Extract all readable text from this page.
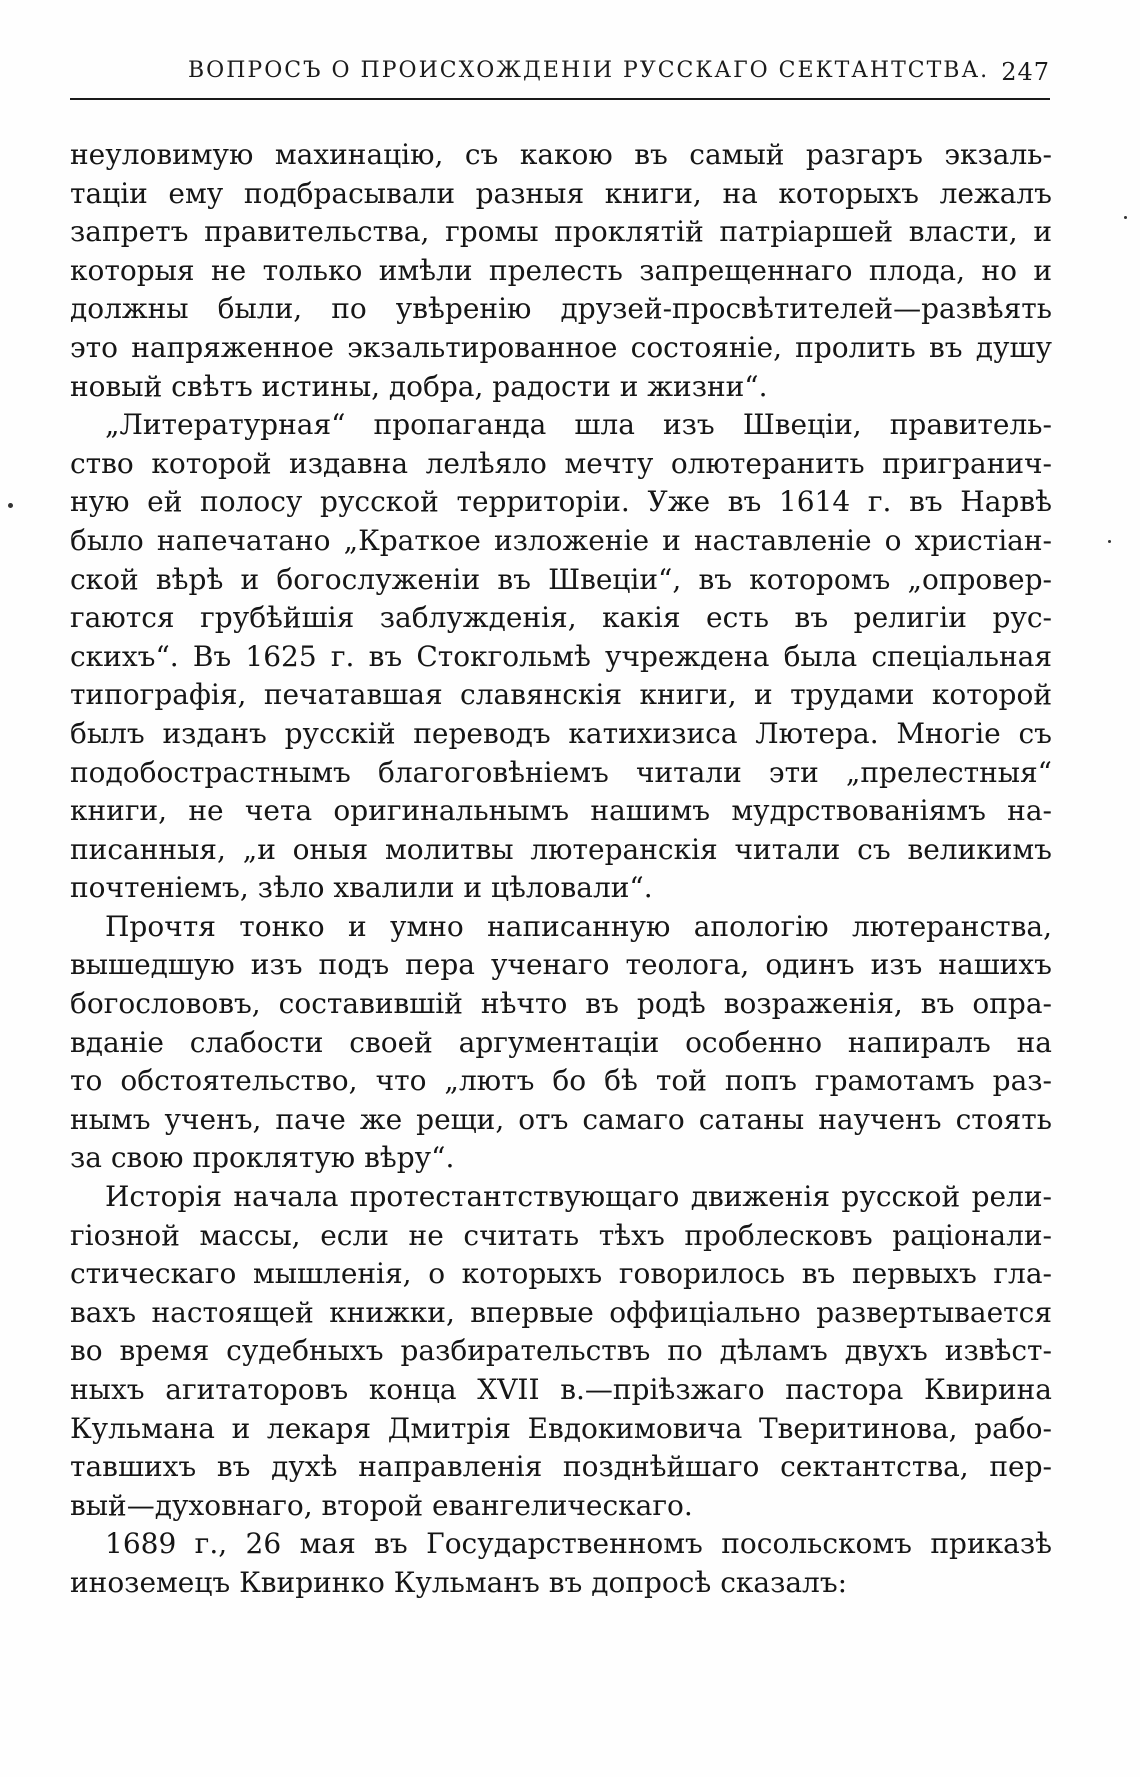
ВОПРОСЪ О ПРОИСХОЖДЕНІИ РУССКАГО СЕКТАНТСТВА. 247
неуловимую махинацію, съ какою въ самый разгаръ экзаль-
таціи ему подбрасывали разныя книги, на которыхъ лежалъ
запретъ правительства, громы проклятій патріаршей власти, и
которыя не только имѣли прелесть запрещеннаго плода, но и
должны были, по увѣренію друзей-просвѣтителей—развѣять
это напряженное экзальтированное состояніе, пролить въ душу
новый свѣтъ истины, добра, радости и жизни“.
„Литературная“ пропаганда шла изъ Швеціи, правитель-
ство которой издавна лелѣяло мечту олютеранить пригранич-
ную ей полосу русской территоріи. Уже въ 1614 г. въ Нарвѣ
было напечатано „Краткое изложеніе и наставленіе о христіан-
ской вѣрѣ и богослуженіи въ Швеціи“, въ которомъ „опровер-
гаются грубѣйшія заблужденія, какія есть въ религіи рус-
скихъ“. Въ 1625 г. въ Стокгольмѣ учреждена была спеціальная
типографія, печатавшая славянскія книги, и трудами которой
былъ изданъ русскій переводъ катихизиса Лютера. Многіе съ
подобострастнымъ благоговѣніемъ читали эти „прелестныя“
книги, не чета оригинальнымъ нашимъ мудрствованіямъ на-
писанныя, „и оныя молитвы лютеранскія читали съ великимъ
почтеніемъ, зѣло хвалили и цѣловали“.
Прочтя тонко и умно написанную апологію лютеранства,
вышедшую изъ подъ пера ученаго теолога, одинъ изъ нашихъ
богослововъ, составившій нѣчто въ родѣ возраженія, въ опра-
вданіе слабости своей аргументаціи особенно напиралъ на
то обстоятельство, что „лютъ бо бѣ той попъ грамотамъ раз-
нымъ ученъ, паче же рещи, отъ самаго сатаны наученъ стоять
за свою проклятую вѣру“.
Исторія начала протестантствующаго движенія русской рели-
гіозной массы, если не считать тѣхъ проблесковъ раціонали-
стическаго мышленія, о которыхъ говорилось въ первыхъ гла-
вахъ настоящей книжки, впервые оффиціально развертывается
во время судебныхъ разбирательствъ по дѣламъ двухъ извѣст-
ныхъ агитаторовъ конца XVII в.—пріѣзжаго пастора Квирина
Кульмана и лекаря Дмитрія Евдокимовича Тверитинова, рабо-
тавшихъ въ духѣ направленія позднѣйшаго сектантства, пер-
вый—духовнаго, второй евангелическаго.
1689 г., 26 мая въ Государственномъ посольскомъ приказѣ
иноземецъ Квиринко Кульманъ въ допросѣ сказалъ:
